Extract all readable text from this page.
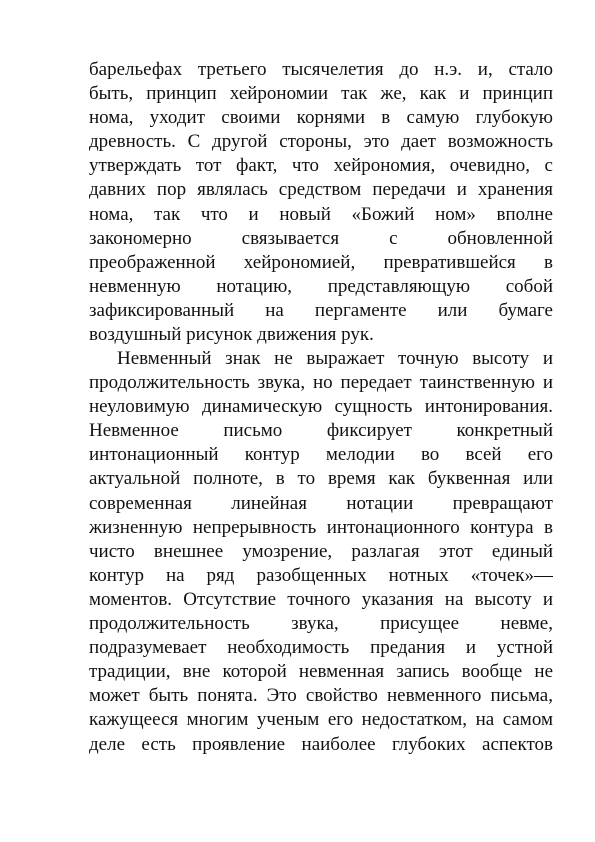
барельефах третьего тысячелетия до н.э. и, стало
быть, принцип хейрономии так же, как и принцип
нома, уходит своими корнями в самую глубокую
древность. С другой стороны, это дает возможность
утверждать тот факт, что хейрономия, очевидно, с
давних пор являлась средством передачи и хранения
нома, так что и новый «Божий ном» вполне
закономерно связывается с обновленной
преображенной хейрономией, превратившейся в
невменную нотацию, представляющую собой
зафиксированный на пергаменте или бумаге
воздушный рисунок движения рук.
Невменный знак не выражает точную высоту и
продолжительность звука, но передает таинственную и
неуловимую динамическую сущность интонирования.
Невменное письмо фиксирует конкретный
интонационный контур мелодии во всей его
актуальной полноте, в то время как буквенная или
современная линейная нотации превращают
жизненную непрерывность интонационного контура в
чисто внешнее умозрение, разлагая этот единый
контур на ряд разобщенных нотных «точек»—
моментов. Отсутствие точного указания на высоту и
продолжительность звука, присущее невме,
подразумевает необходимость предания и устной
традиции, вне которой невменная запись вообще не
может быть понята. Это свойство невменного письма,
кажущееся многим ученым его недостатком, на самом
деле есть проявление наиболее глубоких аспектов
